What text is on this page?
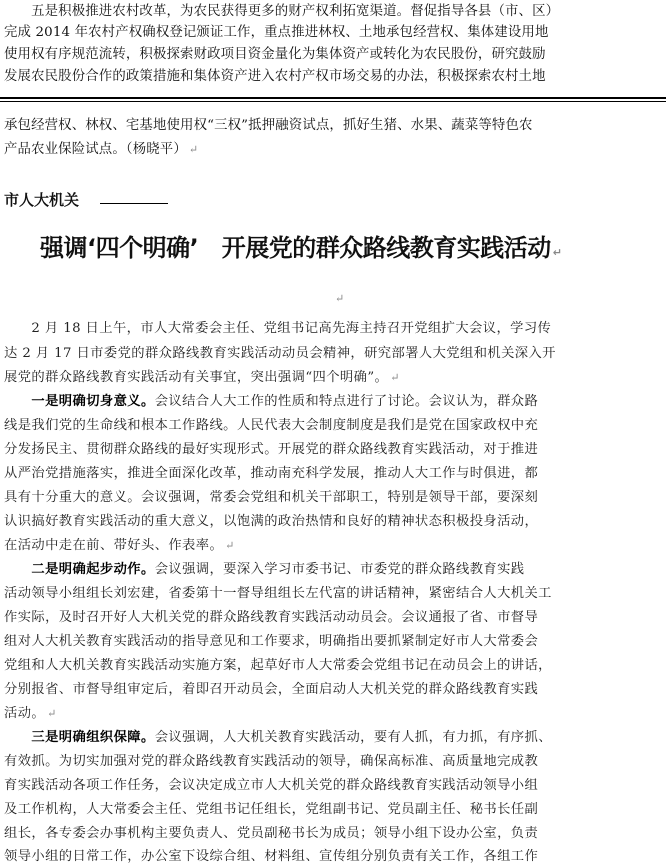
　　五是积极推进农村改革，为农民获得更多的财产权利拓宽渠道。督促指导各县（市、区）
完成 2014 年农村产权确权登记颁证工作，重点推进林权、土地承包经营权、集体建设用地
使用权有序规范流转，积极探索财政项目资金量化为集体资产或转化为农民股份，研究鼓励
发展农民股份合作的政策措施和集体资产进入农村产权市场交易的办法，积极探索农村土地
承包经营权、林权、宅基地使用权“三权”抵押融资试点，抓好生猪、水果、蔬菜等特色农
产品农业保险试点。（杨晓平） ↵
市人大机关
强调‘四个明确’　开展党的群众路线教育实践活动 ↵
↵
　　2 月 18 日上午，市人大常委会主任、党组书记高先海主持召开党组扩大会议，学习传
达 2 月 17 日市委党的群众路线教育实践活动动员会精神，研究部署人大党组和机关深入开
展党的群众路线教育实践活动有关事宜，突出强调“四个明确”。 ↵
　　一是明确切身意义。会议结合人大工作的性质和特点进行了讨论。会议认为，群众路
线是我们党的生命线和根本工作路线。人民代表大会制度制度是我们是党在国家政权中充
分发扬民主、贯彻群众路线的最好实现形式。开展党的群众路线教育实践活动，对于推进
从严治党措施落实，推进全面深化改革，推动南充科学发展，推动人大工作与时俱进，都
具有十分重大的意义。会议强调，常委会党组和机关干部职工，特别是领导干部，要深刻
认识搞好教育实践活动的重大意义，以饱满的政治热情和良好的精神状态积极投身活动，
在活动中走在前、带好头、作表率。 ↵
　　二是明确起步动作。会议强调，要深入学习市委书记、市委党的群众路线教育实践
活动领导小组组长刘宏建，省委第十一督导组组长左代富的讲话精神，紧密结合人大机关工
作实际，及时召开好人大机关党的群众路线教育实践活动动员会。会议通报了省、市督导
组对人大机关教育实践活动的指导意见和工作要求，明确指出要抓紧制定好市人大常委会
党组和人大机关教育实践活动实施方案，起草好市人大常委会党组书记在动员会上的讲话，
分别报省、市督导组审定后，着即召开动员会，全面启动人大机关党的群众路线教育实践
活动。 ↵
　　三是明确组织保障。会议强调，人大机关教育实践活动，要有人抓，有力抓，有序抓、
有效抓。为切实加强对党的群众路线教育实践活动的领导，确保高标准、高质量地完成教
育实践活动各项工作任务，会议决定成立市人大机关党的群众路线教育实践活动领导小组
及工作机构，人大常委会主任、党组书记任组长，党组副书记、党员副主任、秘书长任副
组长，各专委会办事机构主要负责人、党员副秘书长为成员；领导小组下设办公室，负责
领导小组的日常工作，办公室下设综合组、材料组、宣传组分别负责有关工作，各组工作
